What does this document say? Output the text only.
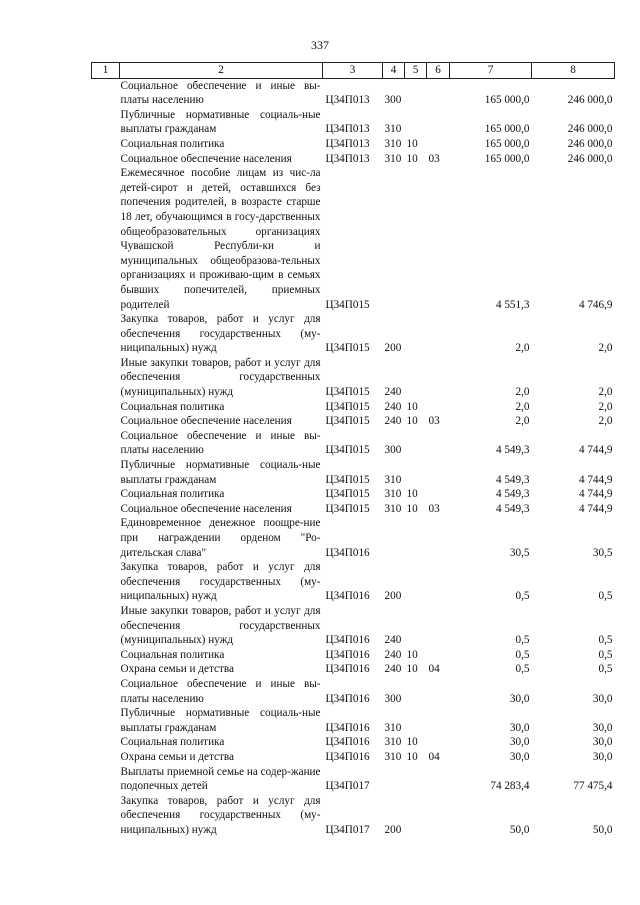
337
1	2	3	4	5	6	7	8
	Социальное обеспечение и иные вы-платы населению	Ц34П013	300			165 000,0	246 000,0
	Публичные нормативные социаль-ные выплаты гражданам	Ц34П013	310			165 000,0	246 000,0
	Социальная политика	Ц34П013	310	10		165 000,0	246 000,0
	Социальное обеспечение населения	Ц34П013	310	10	03	165 000,0	246 000,0
	Ежемесячное пособие лицам из чис-ла детей-сирот и детей, оставшихся без попечения родителей, в возрасте старше 18 лет, обучающимся в госу-дарственных общеобразовательных организациях Чувашской Республи-ки и муниципальных общеобразова-тельных организациях и проживаю-щим в семьях бывших попечителей, приемных родителей	Ц34П015				4 551,3	4 746,9
	Закупка товаров, работ и услуг для обеспечения государственных (му-ниципальных) нужд	Ц34П015	200			2,0	2,0
	Иные закупки товаров, работ и услуг для обеспечения государственных (муниципальных) нужд	Ц34П015	240			2,0	2,0
	Социальная политика	Ц34П015	240	10		2,0	2,0
	Социальное обеспечение населения	Ц34П015	240	10	03	2,0	2,0
	Социальное обеспечение и иные вы-платы населению	Ц34П015	300			4 549,3	4 744,9
	Публичные нормативные социаль-ные выплаты гражданам	Ц34П015	310			4 549,3	4 744,9
	Социальная политика	Ц34П015	310	10		4 549,3	4 744,9
	Социальное обеспечение населения	Ц34П015	310	10	03	4 549,3	4 744,9
	Единовременное денежное поощре-ние при награждении орденом "Ро-дительская слава"	Ц34П016				30,5	30,5
	Закупка товаров, работ и услуг для обеспечения государственных (му-ниципальных) нужд	Ц34П016	200			0,5	0,5
	Иные закупки товаров, работ и услуг для обеспечения государственных (муниципальных) нужд	Ц34П016	240			0,5	0,5
	Социальная политика	Ц34П016	240	10		0,5	0,5
	Охрана семьи и детства	Ц34П016	240	10	04	0,5	0,5
	Социальное обеспечение и иные вы-платы населению	Ц34П016	300			30,0	30,0
	Публичные нормативные социаль-ные выплаты гражданам	Ц34П016	310			30,0	30,0
	Социальная политика	Ц34П016	310	10		30,0	30,0
	Охрана семьи и детства	Ц34П016	310	10	04	30,0	30,0
	Выплаты приемной семье на содер-жание подопечных детей	Ц34П017				74 283,4	77 475,4
	Закупка товаров, работ и услуг для обеспечения государственных (му-ниципальных) нужд	Ц34П017	200			50,0	50,0
